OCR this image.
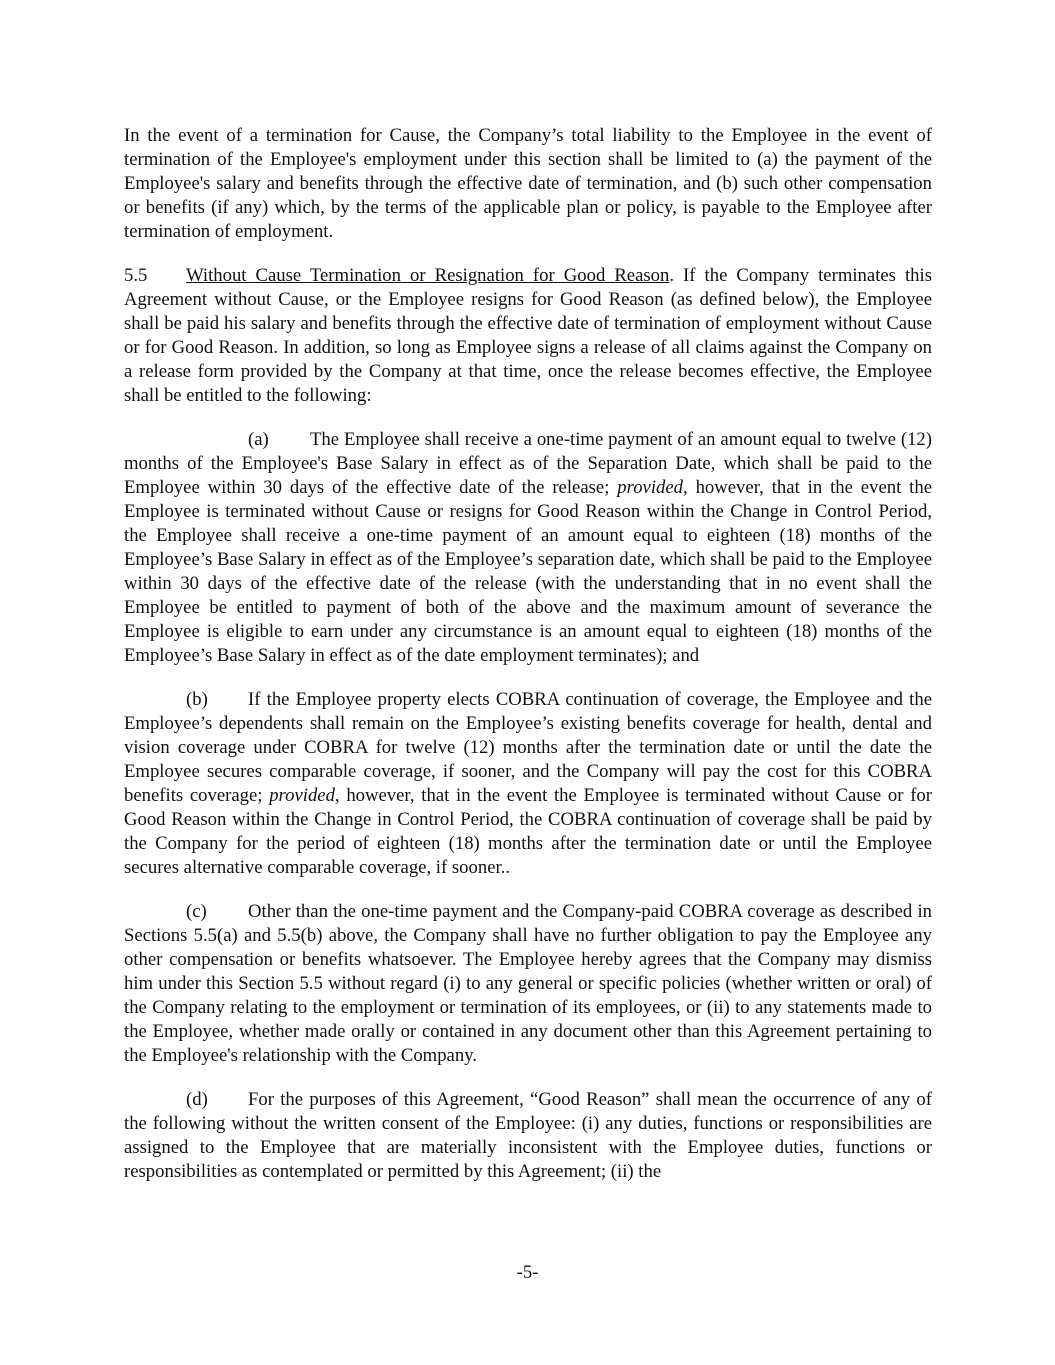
In the event of a termination for Cause, the Company’s total liability to the Employee in the event of termination of the Employee's employment under this section shall be limited to (a) the payment of the Employee's salary and benefits through the effective date of termination, and (b) such other compensation or benefits (if any) which, by the terms of the applicable plan or policy, is payable to the Employee after termination of employment.

5.5 Without Cause Termination or Resignation for Good Reason. If the Company terminates this Agreement without Cause, or the Employee resigns for Good Reason (as defined below), the Employee shall be paid his salary and benefits through the effective date of termination of employment without Cause or for Good Reason. In addition, so long as Employee signs a release of all claims against the Company on a release form provided by the Company at that time, once the release becomes effective, the Employee shall be entitled to the following:

(a) The Employee shall receive a one-time payment of an amount equal to twelve (12) months of the Employee's Base Salary in effect as of the Separation Date, which shall be paid to the Employee within 30 days of the effective date of the release; provided, however, that in the event the Employee is terminated without Cause or resigns for Good Reason within the Change in Control Period, the Employee shall receive a one-time payment of an amount equal to eighteen (18) months of the Employee’s Base Salary in effect as of the Employee’s separation date, which shall be paid to the Employee within 30 days of the effective date of the release (with the understanding that in no event shall the Employee be entitled to payment of both of the above and the maximum amount of severance the Employee is eligible to earn under any circumstance is an amount equal to eighteen (18) months of the Employee’s Base Salary in effect as of the date employment terminates); and

(b) If the Employee property elects COBRA continuation of coverage, the Employee and the Employee’s dependents shall remain on the Employee’s existing benefits coverage for health, dental and vision coverage under COBRA for twelve (12) months after the termination date or until the date the Employee secures comparable coverage, if sooner, and the Company will pay the cost for this COBRA benefits coverage; provided, however, that in the event the Employee is terminated without Cause or for Good Reason within the Change in Control Period, the COBRA continuation of coverage shall be paid by the Company for the period of eighteen (18) months after the termination date or until the Employee secures alternative comparable coverage, if sooner..

(c) Other than the one-time payment and the Company-paid COBRA coverage as described in Sections 5.5(a) and 5.5(b) above, the Company shall have no further obligation to pay the Employee any other compensation or benefits whatsoever. The Employee hereby agrees that the Company may dismiss him under this Section 5.5 without regard (i) to any general or specific policies (whether written or oral) of the Company relating to the employment or termination of its employees, or (ii) to any statements made to the Employee, whether made orally or contained in any document other than this Agreement pertaining to the Employee's relationship with the Company.

(d) For the purposes of this Agreement, “Good Reason” shall mean the occurrence of any of the following without the written consent of the Employee: (i) any duties, functions or responsibilities are assigned to the Employee that are materially inconsistent with the Employee duties, functions or responsibilities as contemplated or permitted by this Agreement; (ii) the

-5-
